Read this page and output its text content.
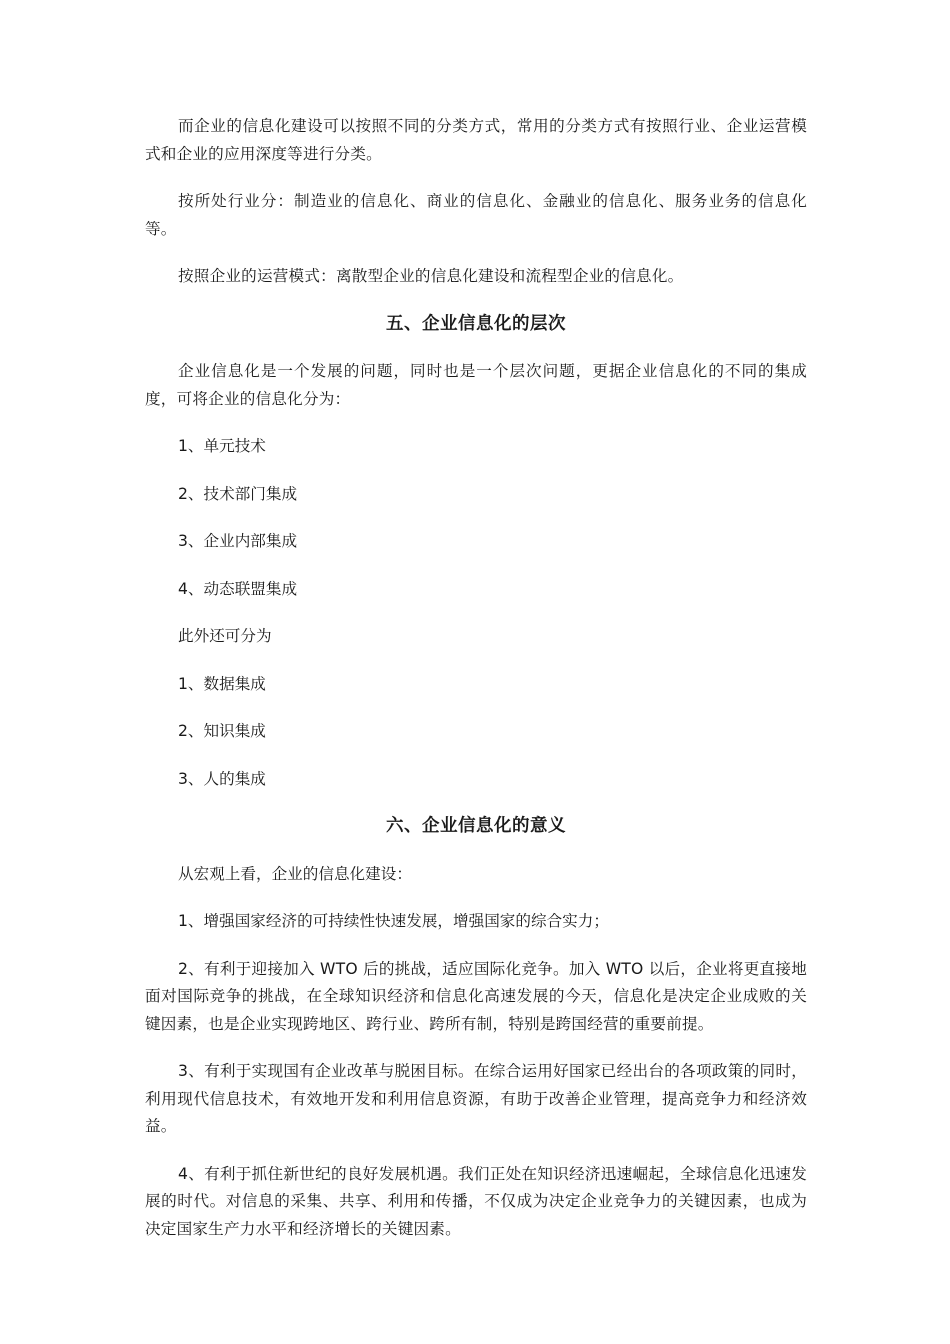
而企业的信息化建设可以按照不同的分类方式，常用的分类方式有按照行业、企业运营模式和企业的应用深度等进行分类。

按所处行业分：制造业的信息化、商业的信息化、金融业的信息化、服务业务的信息化等。

按照企业的运营模式：离散型企业的信息化建设和流程型企业的信息化。

五、企业信息化的层次

企业信息化是一个发展的问题，同时也是一个层次问题，更据企业信息化的不同的集成度，可将企业的信息化分为：

1、单元技术

2、技术部门集成

3、企业内部集成

4、动态联盟集成

此外还可分为

1、数据集成

2、知识集成

3、人的集成

六、企业信息化的意义

从宏观上看，企业的信息化建设：

1、增强国家经济的可持续性快速发展，增强国家的综合实力；

2、有利于迎接加入 WTO 后的挑战，适应国际化竞争。加入 WTO 以后，企业将更直接地面对国际竞争的挑战，在全球知识经济和信息化高速发展的今天，信息化是决定企业成败的关键因素，也是企业实现跨地区、跨行业、跨所有制，特别是跨国经营的重要前提。

3、有利于实现国有企业改革与脱困目标。在综合运用好国家已经出台的各项政策的同时，利用现代信息技术，有效地开发和利用信息资源，有助于改善企业管理，提高竞争力和经济效益。

4、有利于抓住新世纪的良好发展机遇。我们正处在知识经济迅速崛起，全球信息化迅速发展的时代。对信息的采集、共享、利用和传播，不仅成为决定企业竞争力的关键因素，也成为决定国家生产力水平和经济增长的关键因素。
